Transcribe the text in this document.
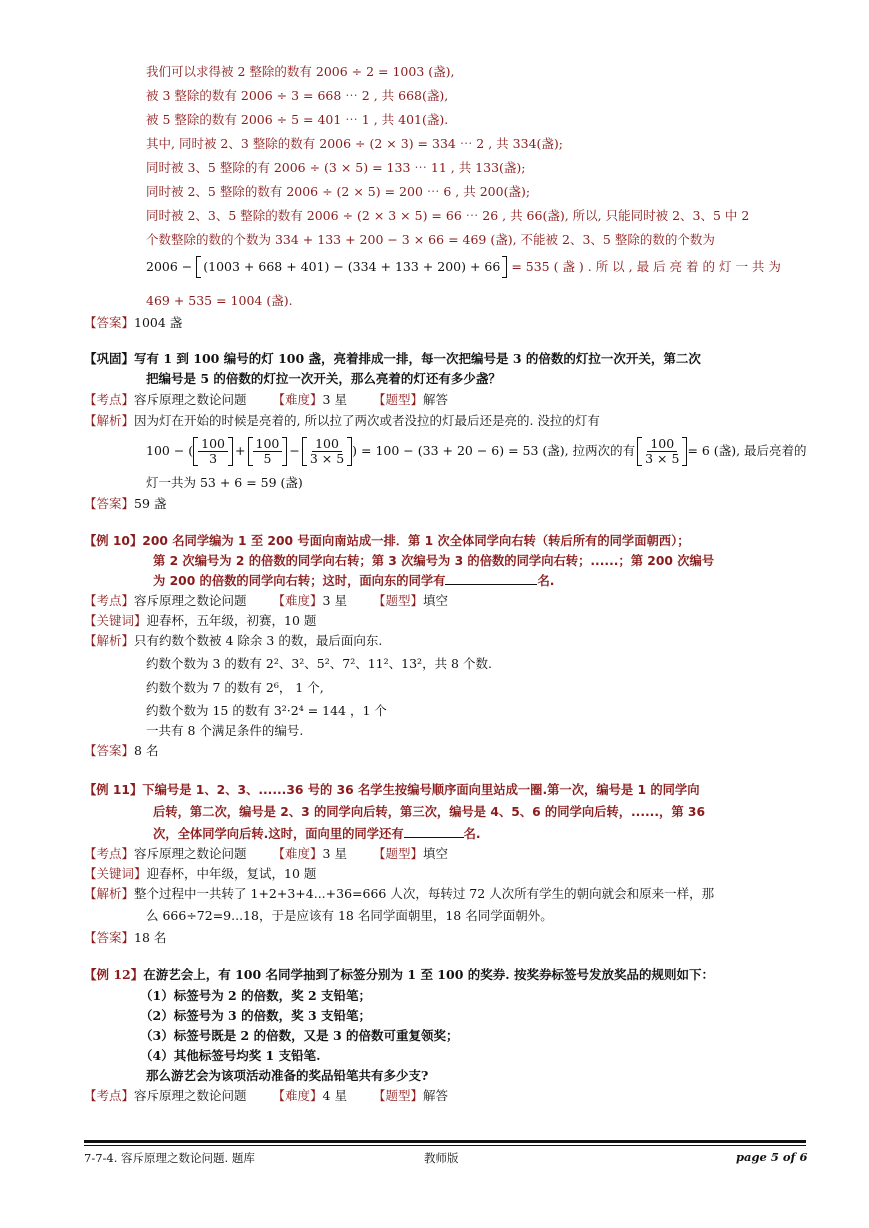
我们可以求得被 2 整除的数有 2006 ÷ 2 = 1003 (盏),
被 3 整除的数有 2006 ÷ 3 = 668 ⋯ 2 , 共 668(盏),
被 5 整除的数有 2006 ÷ 5 = 401 ⋯ 1 , 共 401(盏).
其中, 同时被 2、3 整除的数有 2006 ÷ (2 × 3) = 334 ⋯ 2 , 共 334(盏);
同时被 3、5 整除的有 2006 ÷ (3 × 5) = 133 ⋯ 11 , 共 133(盏);
同时被 2、5 整除的数有 2006 ÷ (2 × 5) = 200 ⋯ 6 , 共 200(盏);
同时被 2、3、5 整除的数有 2006 ÷ (2 × 3 × 5) = 66 ⋯ 26 , 共 66(盏), 所以, 只能同时被 2、3、5 中 2
个数整除的数的个数为 334 + 133 + 200 − 3 × 66 = 469 (盏), 不能被 2、3、5 整除的数的个数为
2006 − (1003 + 668 + 401) − (334 + 133 + 200) + 66 = 535 ( 盏 ) . 所 以 , 最 后 亮 着 的 灯 一 共 为
469 + 535 = 1004 (盏).
【答案】1004 盏
【巩固】写有 1 到 100 编号的灯 100 盏，亮着排成一排，每一次把编号是 3 的倍数的灯拉一次开关，第二次
把编号是 5 的倍数的灯拉一次开关，那么亮着的灯还有多少盏？
【考点】容斥原理之数论问题 【难度】3 星 【题型】解答
【解析】因为灯在开始的时候是亮着的, 所以拉了两次或者没拉的灯最后还是亮的. 没拉的灯有
100 − ( $\frac{100}{3} + \frac{100}{5} - \frac{100}{3 \times 5}$ ) = 100 − (33 + 20 − 6) = 53 (盏), 拉两次的有 $\frac{100}{3 \times 5} = 6$ (盏), 最后亮着的
灯一共为 53 + 6 = 59 (盏)
【答案】59 盏
【例 10】200 名同学编为 1 至 200 号面向南站成一排．第 1 次全体同学向右转（转后所有的同学面朝西）；
第 2 次编号为 2 的倍数的同学向右转；第 3 次编号为 3 的倍数的同学向右转；......；第 200 次编号
为 200 的倍数的同学向右转；这时，面向东的同学有	名.
【考点】容斥原理之数论问题 【难度】3 星 【题型】填空
【关键词】迎春杯，五年级，初赛，10 题
【解析】只有约数个数被 4 除余 3 的数，最后面向东.
约数个数为 3 的数有 2²、3²、5²、7²、11²、13²，共 8 个数.
约数个数为 7 的数有 2⁶， 1 个,
约数个数为 15 的数有 3²·2⁴ = 144 ，1 个
一共有 8 个满足条件的编号.
【答案】8 名
【例 11】下编号是 1、2、3、......36 号的 36 名学生按编号顺序面向里站成一圈.第一次，编号是 1 的同学向
后转，第二次，编号是 2、3 的同学向后转，第三次，编号是 4、5、6 的同学向后转，......，第 36
次，全体同学向后转.这时，面向里的同学还有	名.
【考点】容斥原理之数论问题 【难度】3 星 【题型】填空
【关键词】迎春杯，中年级，复试，10 题
【解析】整个过程中一共转了 1+2+3+4...+36=666 人次，每转过 72 人次所有学生的朝向就会和原来一样，那
么 666÷72=9...18，于是应该有 18 名同学面朝里，18 名同学面朝外。
【答案】18 名
【例 12】在游艺会上，有 100 名同学抽到了标签分别为 1 至 100 的奖券. 按奖券标签号发放奖品的规则如下：
（1）标签号为 2 的倍数，奖 2 支铅笔；
（2）标签号为 3 的倍数，奖 3 支铅笔；
（3）标签号既是 2 的倍数，又是 3 的倍数可重复领奖；
（4）其他标签号均奖 1 支铅笔.
那么游艺会为该项活动准备的奖品铅笔共有多少支?
【考点】容斥原理之数论问题 【难度】4 星 【题型】解答
7-7-4. 容斥原理之数论问题. 题库	教师版	page 5 of 6
